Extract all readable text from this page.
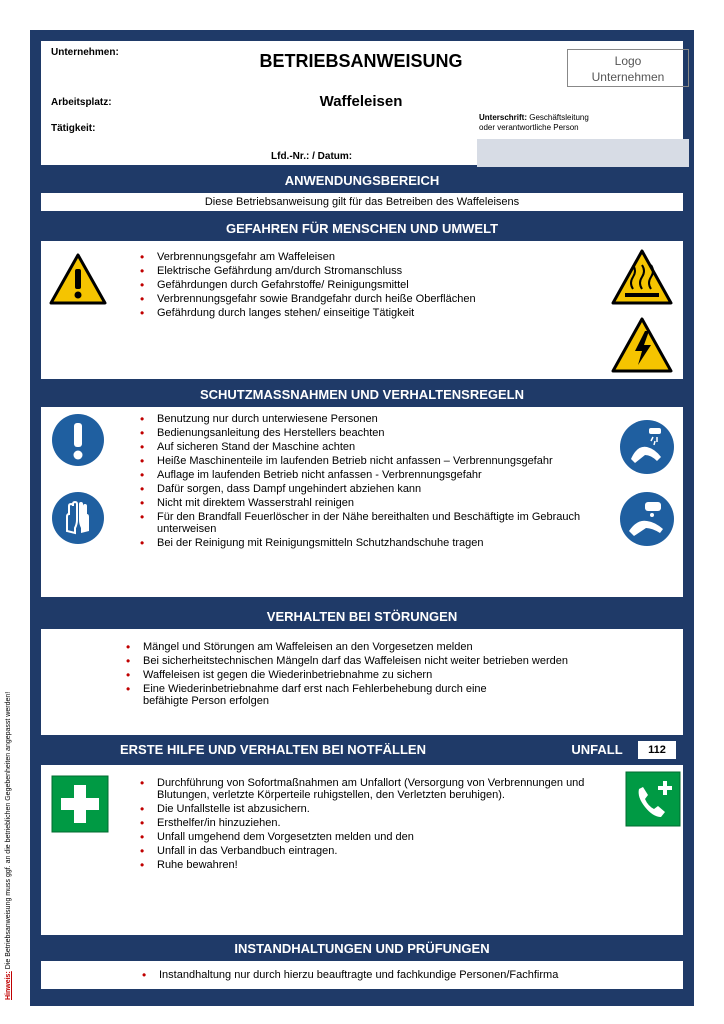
Hinweis: Die Betriebsanweisung muss ggf. an die betrieblichen Gegebenheiten angepasst werden!
Unternehmen:	BETRIEBSANWEISUNG	Logo
Unternehmen
Arbeitsplatz:	Waffeleisen
Unterschrift: Geschäftsleitung
oder verantwortliche Person
Tätigkeit:
Lfd.-Nr.: / Datum:
ANWENDUNGSBEREICH
Diese Betriebsanweisung gilt für das Betreiben des Waffeleisens
GEFAHREN FÜR MENSCHEN UND UMWELT
• Verbrennungsgefahr am Waffeleisen
• Elektrische Gefährdung am/durch Stromanschluss
• Gefährdungen durch Gefahrstoffe/ Reinigungsmittel
• Verbrennungsgefahr sowie Brandgefahr durch heiße Oberflächen
• Gefährdung durch langes stehen/ einseitige Tätigkeit
SCHUTZMASSNAHMEN UND VERHALTENSREGELN
• Benutzung nur durch unterwiesene Personen
• Bedienungsanleitung des Herstellers beachten
• Auf sicheren Stand der Maschine achten
• Heiße Maschinenteile im laufenden Betrieb nicht anfassen – Verbrennungsgefahr
• Auflage im laufenden Betrieb nicht anfassen - Verbrennungsgefahr
• Dafür sorgen, dass Dampf ungehindert abziehen kann
• Nicht mit direktem Wasserstrahl reinigen
• Für den Brandfall Feuerlöscher in der Nähe bereithalten und Beschäftigte im Gebrauch unterweisen
• Bei der Reinigung mit Reinigungsmitteln Schutzhandschuhe tragen
VERHALTEN BEI STÖRUNGEN
• Mängel und Störungen am Waffeleisen an den Vorgesetzen melden
• Bei sicherheitstechnischen Mängeln darf das Waffeleisen nicht weiter betrieben werden
• Waffeleisen ist gegen die Wiederinbetriebnahme zu sichern
• Eine Wiederinbetriebnahme darf erst nach Fehlerbehebung durch eine befähigte Person erfolgen
ERSTE HILFE UND VERHALTEN BEI NOTFÄLLEN	UNFALL	112
• Durchführung von Sofortmaßnahmen am Unfallort (Versorgung von Verbrennungen und Blutungen, verletzte Körperteile ruhigstellen, den Verletzten beruhigen).
• Die Unfallstelle ist abzusichern.
• Ersthelfer/in hinzuziehen.
• Unfall umgehend dem Vorgesetzten melden und den
• Unfall in das Verbandbuch eintragen.
• Ruhe bewahren!
INSTANDHALTUNGEN UND PRÜFUNGEN
• Instandhaltung nur durch hierzu beauftragte und fachkundige Personen/Fachfirma
